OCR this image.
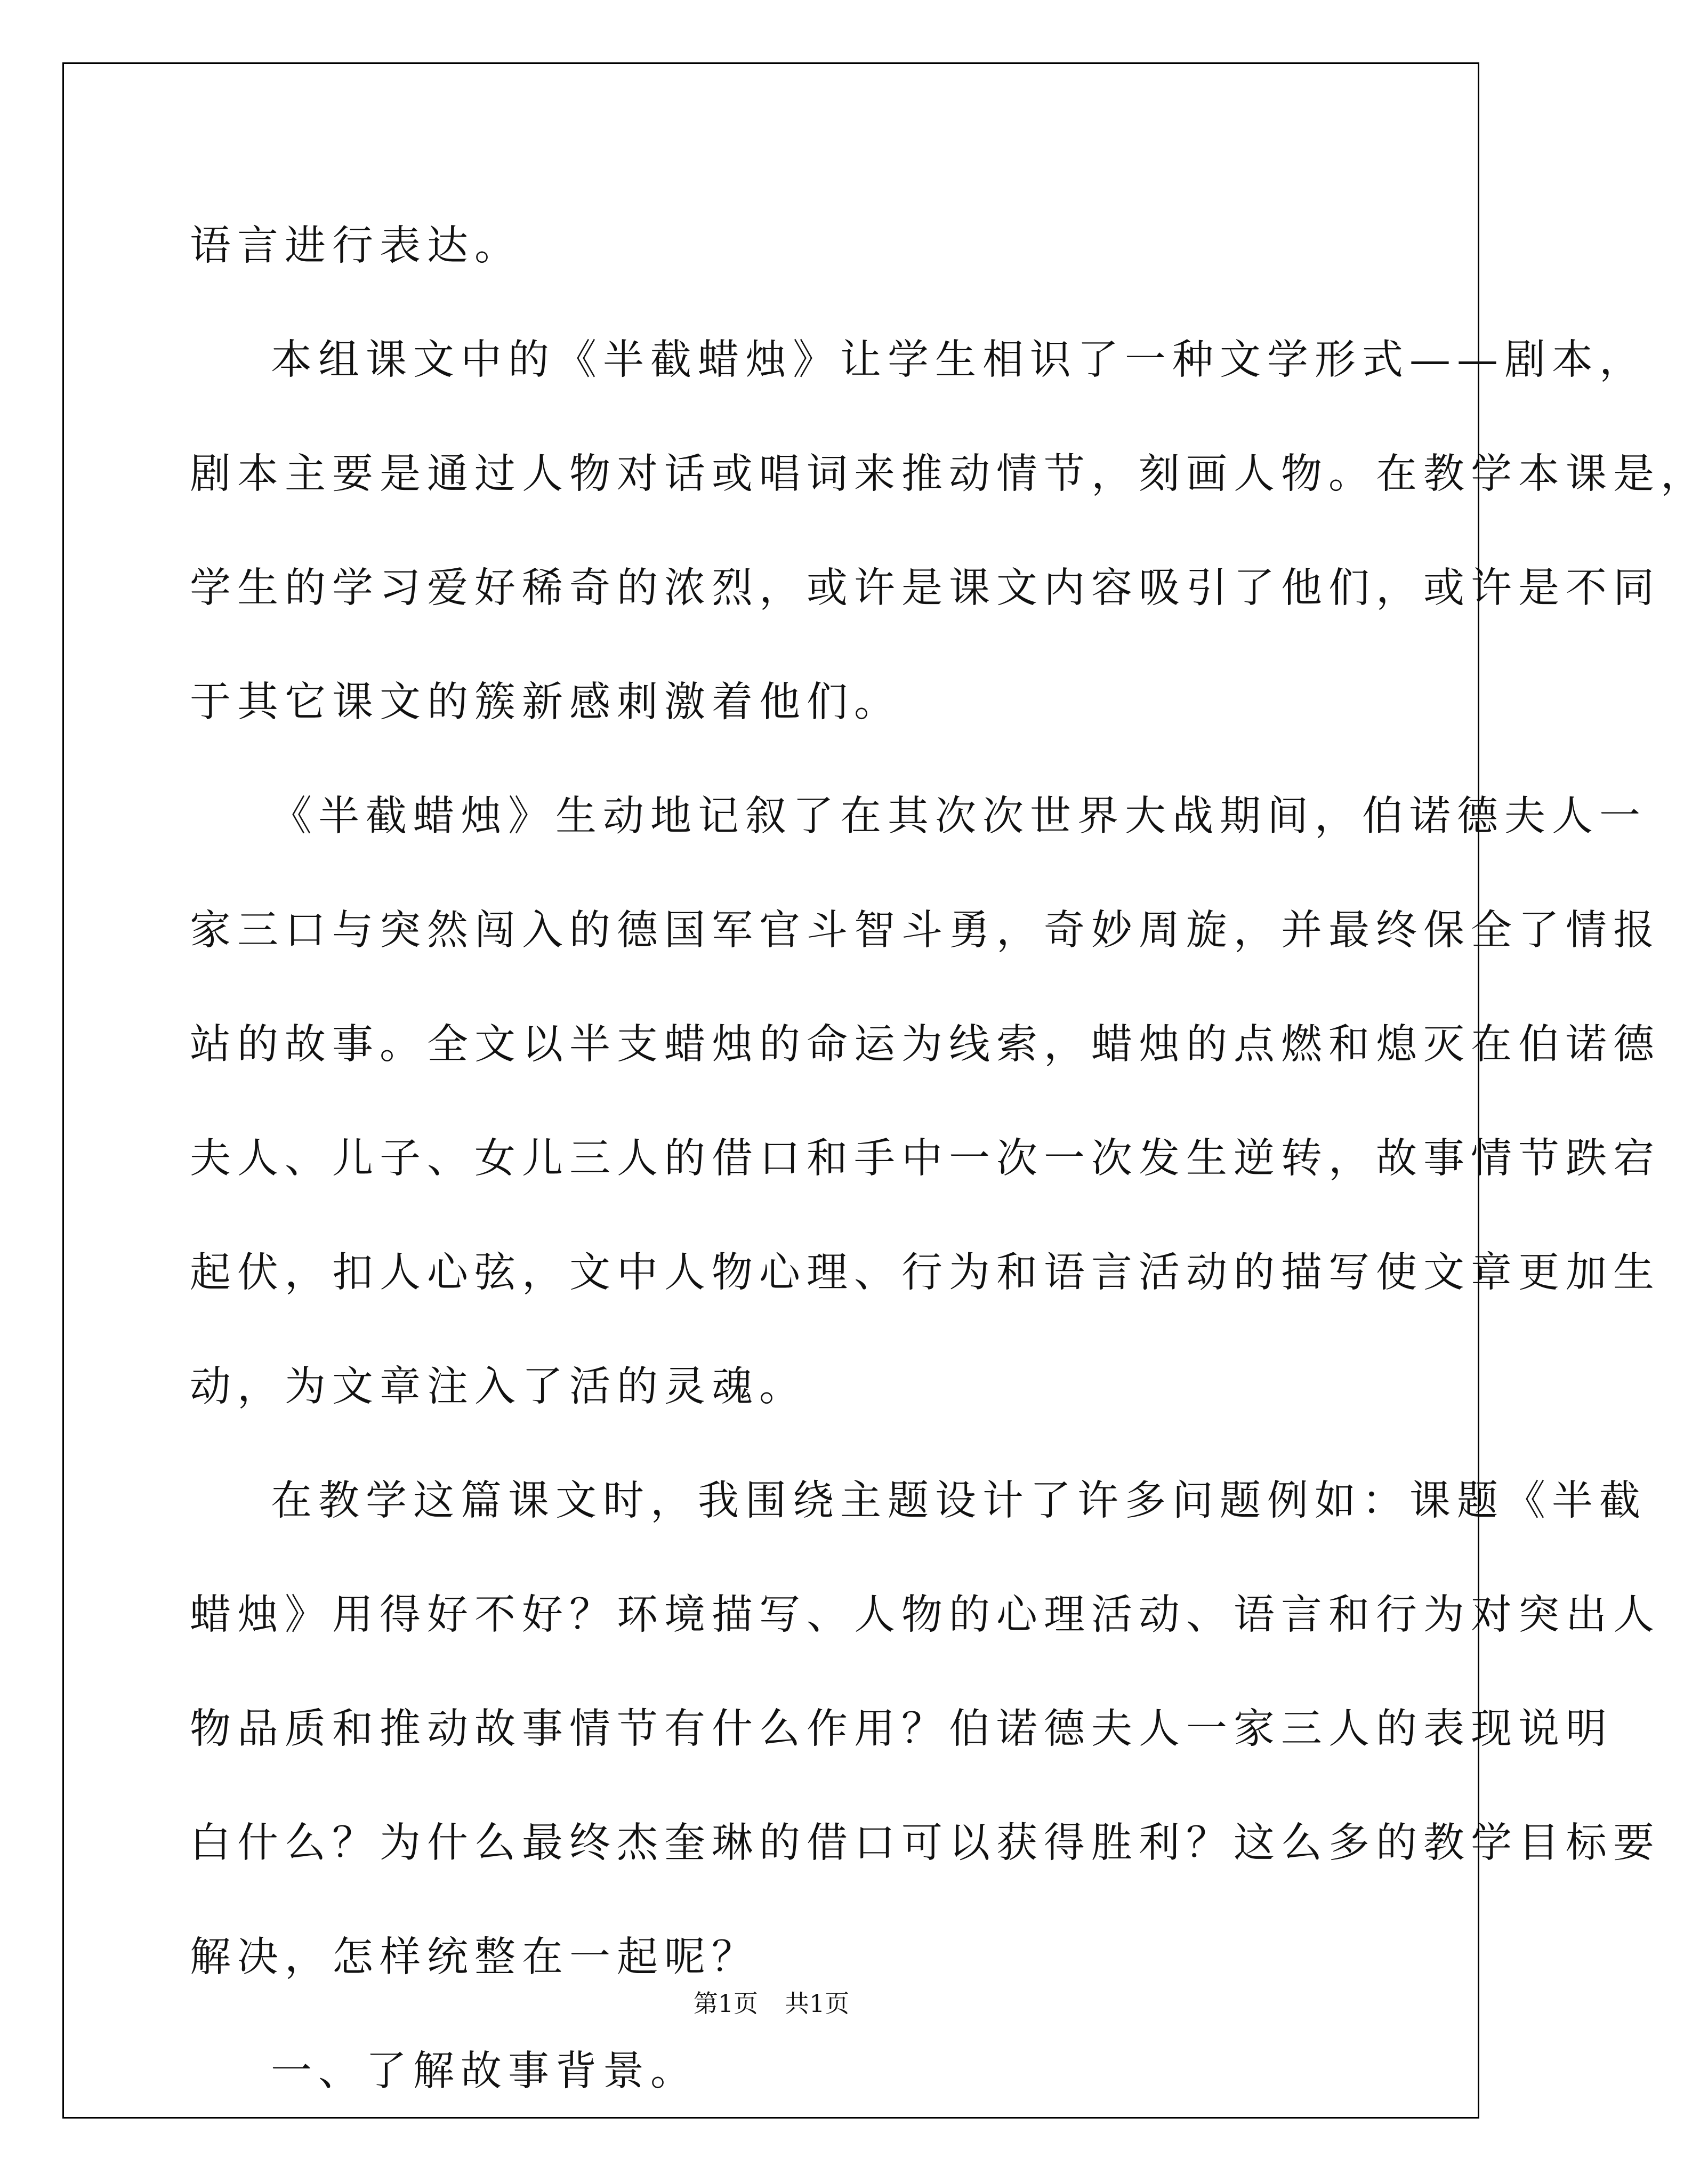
语言进行表达。
本组课文中的《半截蜡烛》让学生相识了一种文学形式——剧本，
剧本主要是通过人物对话或唱词来推动情节，刻画人物。在教学本课是，
学生的学习爱好稀奇的浓烈，或许是课文内容吸引了他们，或许是不同
于其它课文的簇新感刺激着他们。
《半截蜡烛》生动地记叙了在其次次世界大战期间，伯诺德夫人一
家三口与突然闯入的德国军官斗智斗勇，奇妙周旋，并最终保全了情报
站的故事。全文以半支蜡烛的命运为线索，蜡烛的点燃和熄灭在伯诺德
夫人、儿子、女儿三人的借口和手中一次一次发生逆转，故事情节跌宕
起伏，扣人心弦，文中人物心理、行为和语言活动的描写使文章更加生
动，为文章注入了活的灵魂。
在教学这篇课文时，我围绕主题设计了许多问题例如：课题《半截
蜡烛》用得好不好？环境描写、人物的心理活动、语言和行为对突出人
物品质和推动故事情节有什么作用？伯诺德夫人一家三人的表现说明
白什么？为什么最终杰奎琳的借口可以获得胜利？这么多的教学目标要
解决，怎样统整在一起呢？
一、了解故事背景。
第1页 共1页
